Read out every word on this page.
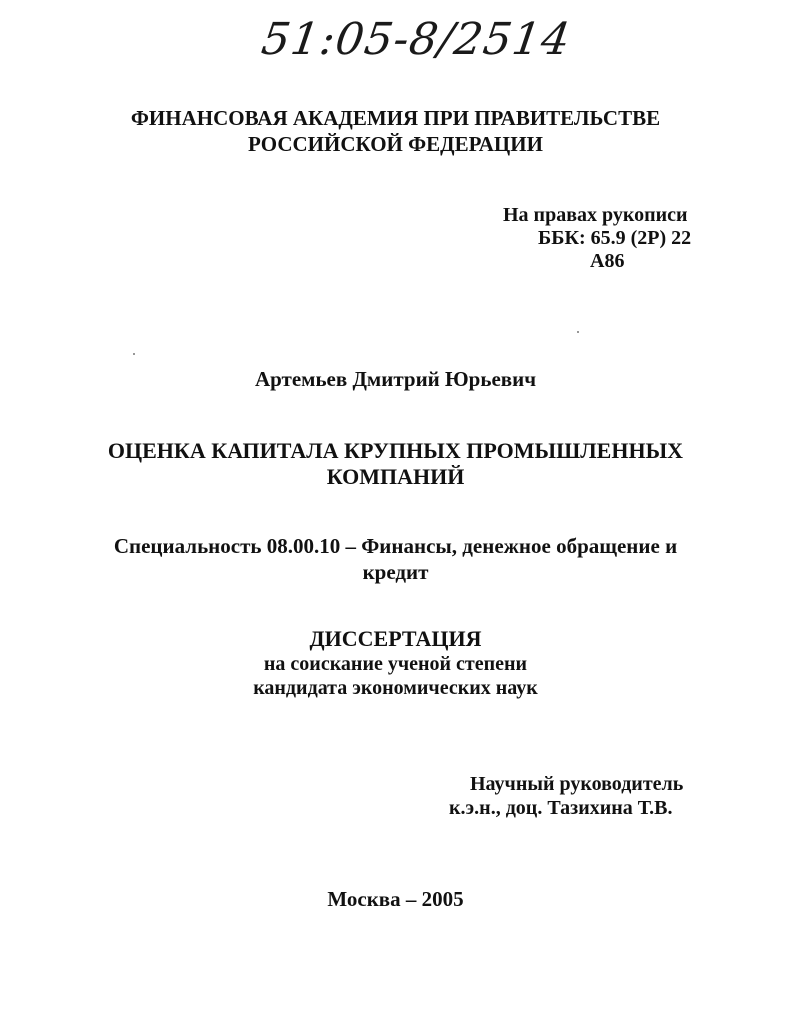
51:05-8/2514
ФИНАНСОВАЯ АКАДЕМИЯ ПРИ ПРАВИТЕЛЬСТВЕ
РОССИЙСКОЙ ФЕДЕРАЦИИ
На правах рукописи
ББК: 65.9 (2Р) 22
А86
Артемьев Дмитрий Юрьевич
ОЦЕНКА КАПИТАЛА КРУПНЫХ ПРОМЫШЛЕННЫХ
КОМПАНИЙ
Специальность 08.00.10 – Финансы, денежное обращение и
кредит
ДИССЕРТАЦИЯ
на соискание ученой степени
кандидата экономических наук
Научный руководитель
к.э.н., доц. Тазихина Т.В.
Москва – 2005
